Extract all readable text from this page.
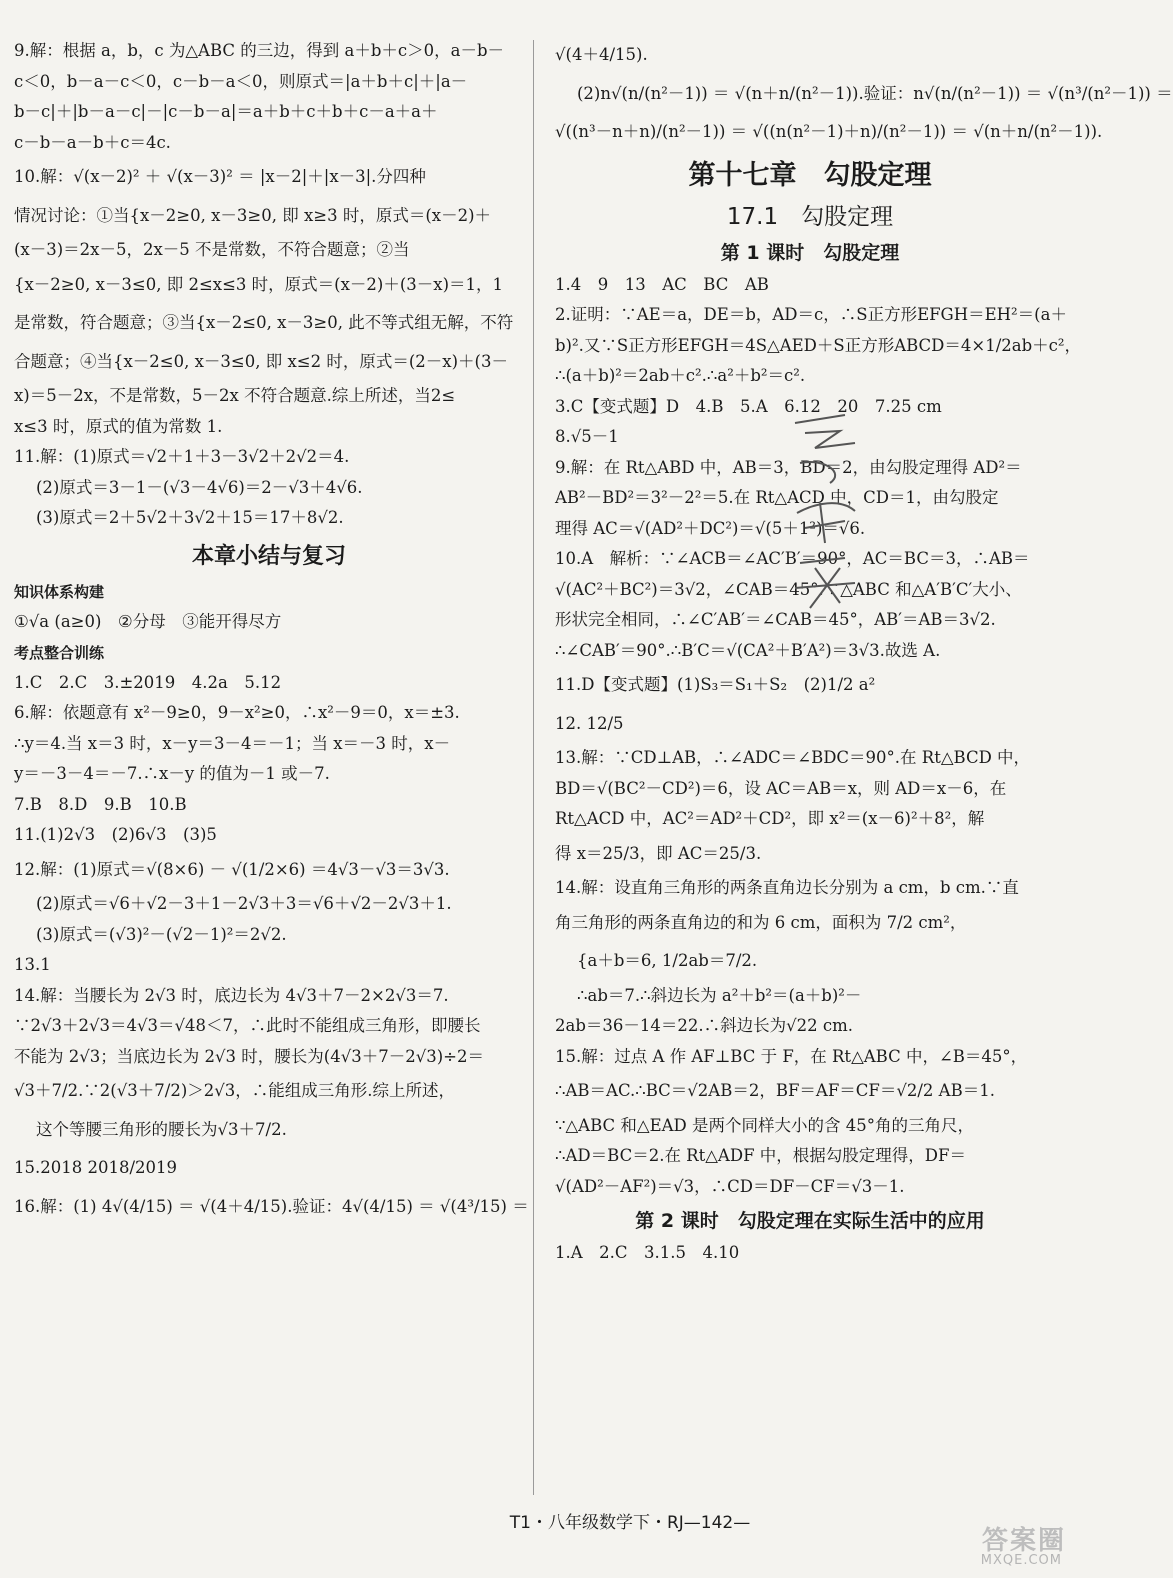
9.解：根据 a，b，c 为△ABC 的三边，得到 a＋b＋c＞0，a－b－
c＜0，b－a－c＜0，c－b－a＜0，则原式＝|a＋b＋c|＋|a－
b－c|＋|b－a－c|－|c－b－a|＝a＋b＋c＋b＋c－a＋a＋
c－b－a－b＋c＝4c.
10.解：√(x－2)² ＋ √(x－3)² ＝ |x－2|＋|x－3|.分四种
情况讨论：①当{x－2≥0, x－3≥0, 即 x≥3 时，原式＝(x－2)＋
(x－3)＝2x－5，2x－5 不是常数，不符合题意；②当
{x－2≥0, x－3≤0, 即 2≤x≤3 时，原式＝(x－2)＋(3－x)＝1，1
是常数，符合题意；③当{x－2≤0, x－3≥0, 此不等式组无解，不符
合题意；④当{x－2≤0, x－3≤0, 即 x≤2 时，原式＝(2－x)＋(3－
x)＝5－2x，不是常数，5－2x 不符合题意.综上所述，当2≤
x≤3 时，原式的值为常数 1.
11.解：(1)原式＝√2＋1＋3－3√2＋2√2＝4.
(2)原式＝3－1－(√3－4√6)＝2－√3＋4√6.
(3)原式＝2＋5√2＋3√2＋15＝17＋8√2.
本章小结与复习
知识体系构建
①√a (a≥0)　②分母　③能开得尽方
考点整合训练
1.C　2.C　3.±2019　4.2a　5.12
6.解：依题意有 x²－9≥0，9－x²≥0，∴x²－9＝0，x＝±3.
∴y＝4.当 x＝3 时，x－y＝3－4＝－1；当 x＝－3 时，x－
y＝－3－4＝－7.∴x－y 的值为－1 或－7.
7.B　8.D　9.B　10.B
11.(1)2√3　(2)6√3　(3)5
12.解：(1)原式＝√(8×6) － √(1/2×6) ＝4√3－√3＝3√3.
(2)原式＝√6＋√2－3＋1－2√3＋3＝√6＋√2－2√3＋1.
(3)原式＝(√3)²－(√2－1)²＝2√2.
13.1
14.解：当腰长为 2√3 时，底边长为 4√3＋7－2×2√3＝7.
∵2√3＋2√3＝4√3＝√48＜7，∴此时不能组成三角形，即腰长
不能为 2√3；当底边长为 2√3 时，腰长为(4√3＋7－2√3)÷2＝
√3＋7/2.∵2(√3＋7/2)＞2√3，∴能组成三角形.综上所述，
这个等腰三角形的腰长为√3＋7/2.
15.2018 2018/2019
16.解：(1) 4√(4/15) ＝ √(4＋4/15).验证：4√(4/15) ＝ √(4³/15) ＝
√(4＋4/15).
(2)n√(n/(n²－1)) ＝ √(n＋n/(n²－1)).验证：n√(n/(n²－1)) ＝ √(n³/(n²－1)) ＝
√((n³－n＋n)/(n²－1)) ＝ √((n(n²－1)＋n)/(n²－1)) ＝ √(n＋n/(n²－1)).
第十七章　勾股定理
17.1　勾股定理
第 1 课时　勾股定理
1.4　9　13　AC　BC　AB
2.证明：∵AE＝a，DE＝b，AD＝c，∴S正方形EFGH＝EH²＝(a＋
b)².又∵S正方形EFGH＝4S△AED＋S正方形ABCD＝4×1/2ab＋c²，
∴(a＋b)²＝2ab＋c².∴a²＋b²＝c².
3.C【变式题】D　4.B　5.A　6.12　20　7.25 cm
8.√5－1
9.解：在 Rt△ABD 中，AB＝3，BD＝2，由勾股定理得 AD²＝
AB²－BD²＝3²－2²＝5.在 Rt△ACD 中，CD＝1，由勾股定
理得 AC＝√(AD²＋DC²)＝√(5＋1²)＝√6.
10.A　解析：∵∠ACB＝∠AC′B′＝90°，AC＝BC＝3，∴AB＝
√(AC²＋BC²)＝3√2，∠CAB＝45°.∵△ABC 和△A′B′C′大小、
形状完全相同，∴∠C′AB′＝∠CAB＝45°，AB′＝AB＝3√2.
∴∠CAB′＝90°.∴B′C＝√(CA²＋B′A²)＝3√3.故选 A.
11.D【变式题】(1)S₃＝S₁＋S₂　(2)1/2 a²
12. 12/5
13.解：∵CD⊥AB，∴∠ADC＝∠BDC＝90°.在 Rt△BCD 中，
BD＝√(BC²－CD²)＝6，设 AC＝AB＝x，则 AD＝x－6，在
Rt△ACD 中，AC²＝AD²＋CD²，即 x²＝(x－6)²＋8²，解
得 x＝25/3，即 AC＝25/3.
14.解：设直角三角形的两条直角边长分别为 a cm，b cm.∵直
角三角形的两条直角边的和为 6 cm，面积为 7/2 cm²，
{a＋b＝6, 1/2ab＝7/2.
∴ab＝7.∴斜边长为 a²＋b²＝(a＋b)²－
2ab＝36－14＝22.∴斜边长为√22 cm.
15.解：过点 A 作 AF⊥BC 于 F，在 Rt△ABC 中，∠B＝45°，
∴AB＝AC.∴BC＝√2AB＝2，BF＝AF＝CF＝√2/2 AB＝1.
∵△ABC 和△EAD 是两个同样大小的含 45°角的三角尺，
∴AD＝BC＝2.在 Rt△ADF 中，根据勾股定理得，DF＝
√(AD²－AF²)＝√3，∴CD＝DF－CF＝√3－1.
第 2 课时　勾股定理在实际生活中的应用
1.A　2.C　3.1.5　4.10
T1・八年级数学下・RJ—142—
答案圈
MXQE.COM
